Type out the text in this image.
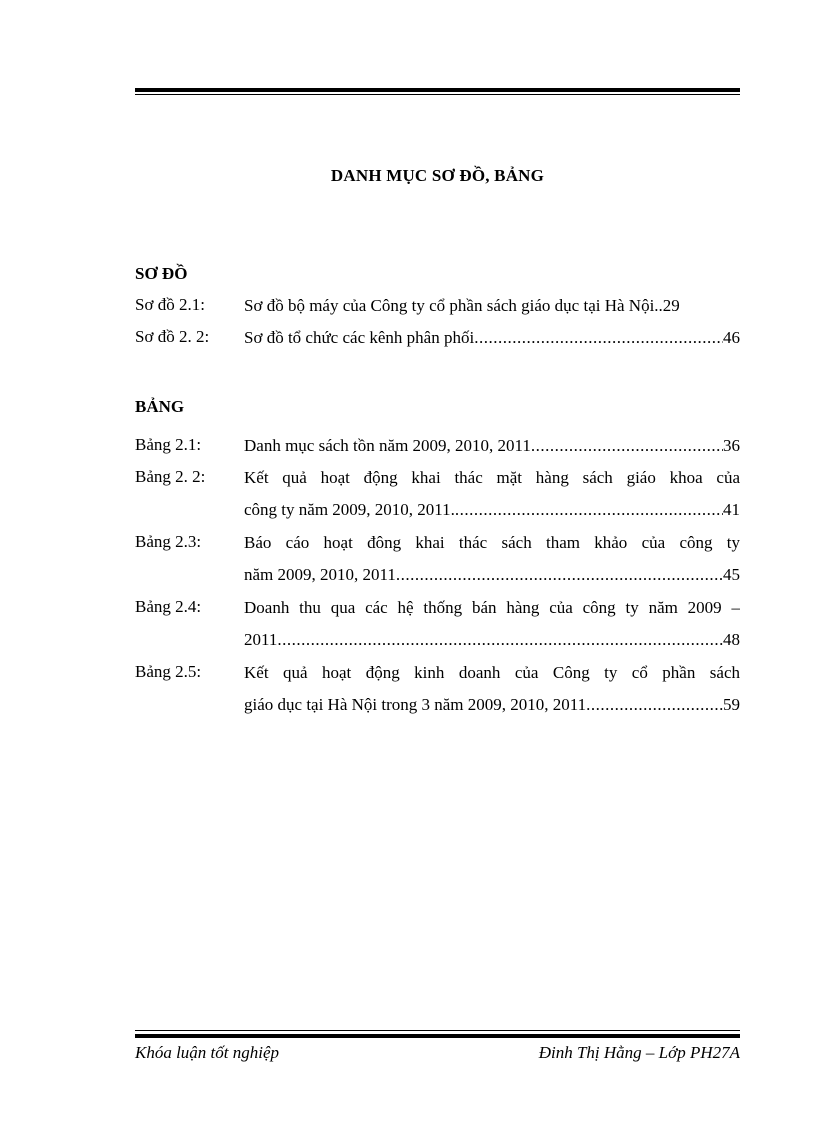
DANH MỤC SƠ ĐỒ, BẢNG
SƠ ĐỒ
Sơ đồ 2.1: Sơ đồ bộ máy của Công ty cổ phần sách giáo dục tại Hà Nội ..29
Sơ đồ 2. 2: Sơ đồ tổ chức các kênh phân phối .....	46
BẢNG
Bảng 2.1:	Danh mục sách tồn năm 2009, 2010, 2011 .....	36
Bảng 2. 2: Kết quả hoạt động khai thác mặt hàng sách giáo khoa của
công ty năm 2009, 2010, 2011. .....	41
Bảng 2.3:	Báo cáo hoạt đông khai thác sách tham khảo của công ty
năm 2009, 2010, 2011 .....	45
Bảng 2.4:	Doanh thu qua các hệ thống bán hàng của công ty năm 2009 –
2011 .....	48
Bảng 2.5:	Kết quả hoạt động kinh doanh của Công ty cổ phần sách
giáo dục tại Hà Nội trong 3 năm 2009, 2010, 2011 .....	59
Khóa luận tốt nghiệp	Đinh Thị Hằng – Lớp PH27A
